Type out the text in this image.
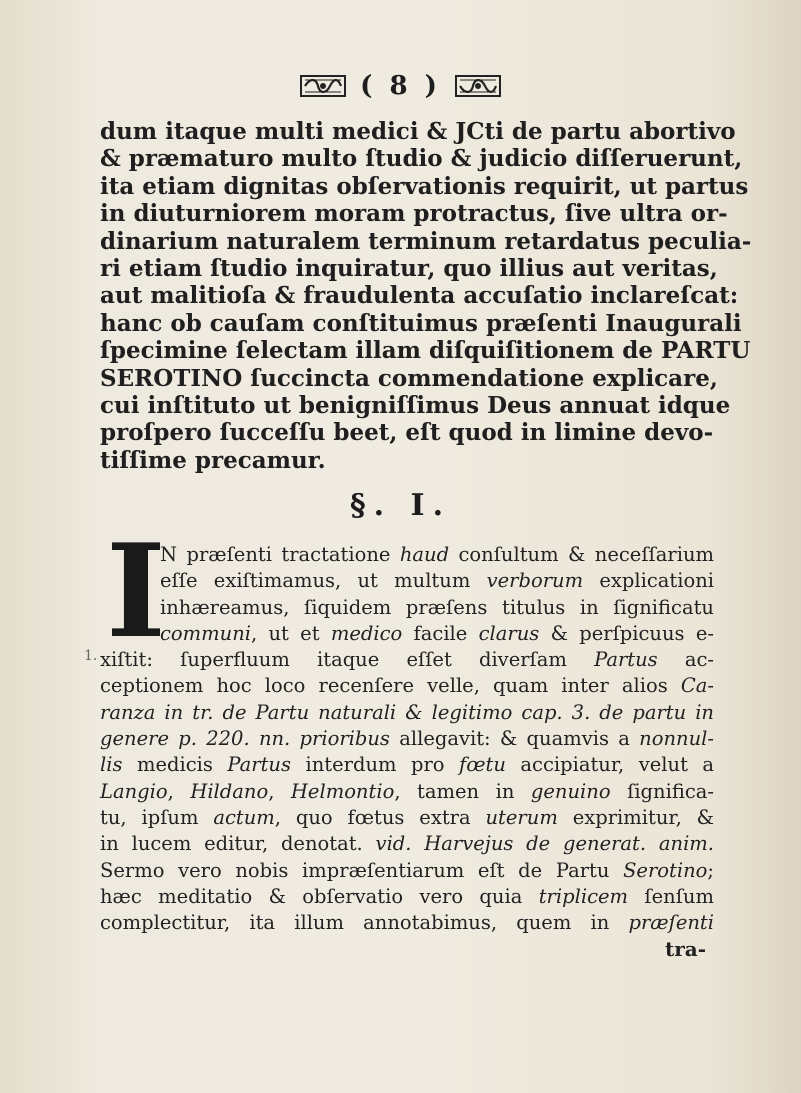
( 8 )
dum itaque multi medici & JCti de partu abortivo
& præmaturo multo ſtudio & judicio diſſeruerunt,
ita etiam dignitas obſervationis requirit, ut partus
in diuturniorem moram protractus, ſive ultra or-
dinarium naturalem terminum retardatus peculia-
ri etiam ſtudio inquiratur, quo illius aut veritas,
aut malitioſa & fraudulenta accuſatio inclareſcat:
hanc ob cauſam conſtituimus præſenti Inaugurali
ſpecimine ſelectam illam diſquiſitionem de PARTU
SEROTINO ſuccincta commendatione explicare,
cui inſtituto ut benigniſſimus Deus annuat idque
proſpero ſucceſſu beet, eſt quod in limine devo-
tiſſime precamur.
§. I.
I
1.
N præſenti tractatione haud conſultum & neceſſarium
eſſe exiſtimamus, ut multum verborum explicationi
inhæreamus, ſiquidem præſens titulus in ſignificatu
communi, ut et medico facile clarus & perſpicuus e-
xiſtit: ſuperfluum itaque eſſet diverſam Partus ac-
ceptionem hoc loco recenſere velle, quam inter alios Ca-
ranza in tr. de Partu naturali & legitimo cap. 3. de partu in
genere p. 220. nn. prioribus allegavit: & quamvis a nonnul-
lis medicis Partus interdum pro fœtu accipiatur, velut a
Langio, Hildano, Helmontio, tamen in genuino ſignifica-
tu, ipſum actum, quo fœtus extra uterum exprimitur, &
in lucem editur, denotat. vid. Harvejus de generat. anim.
Sermo vero nobis impræſentiarum eſt de Partu Serotino;
hæc meditatio & obſervatio vero quia triplicem ſenſum
complectitur, ita illum annotabimus, quem in præſenti
tra-
